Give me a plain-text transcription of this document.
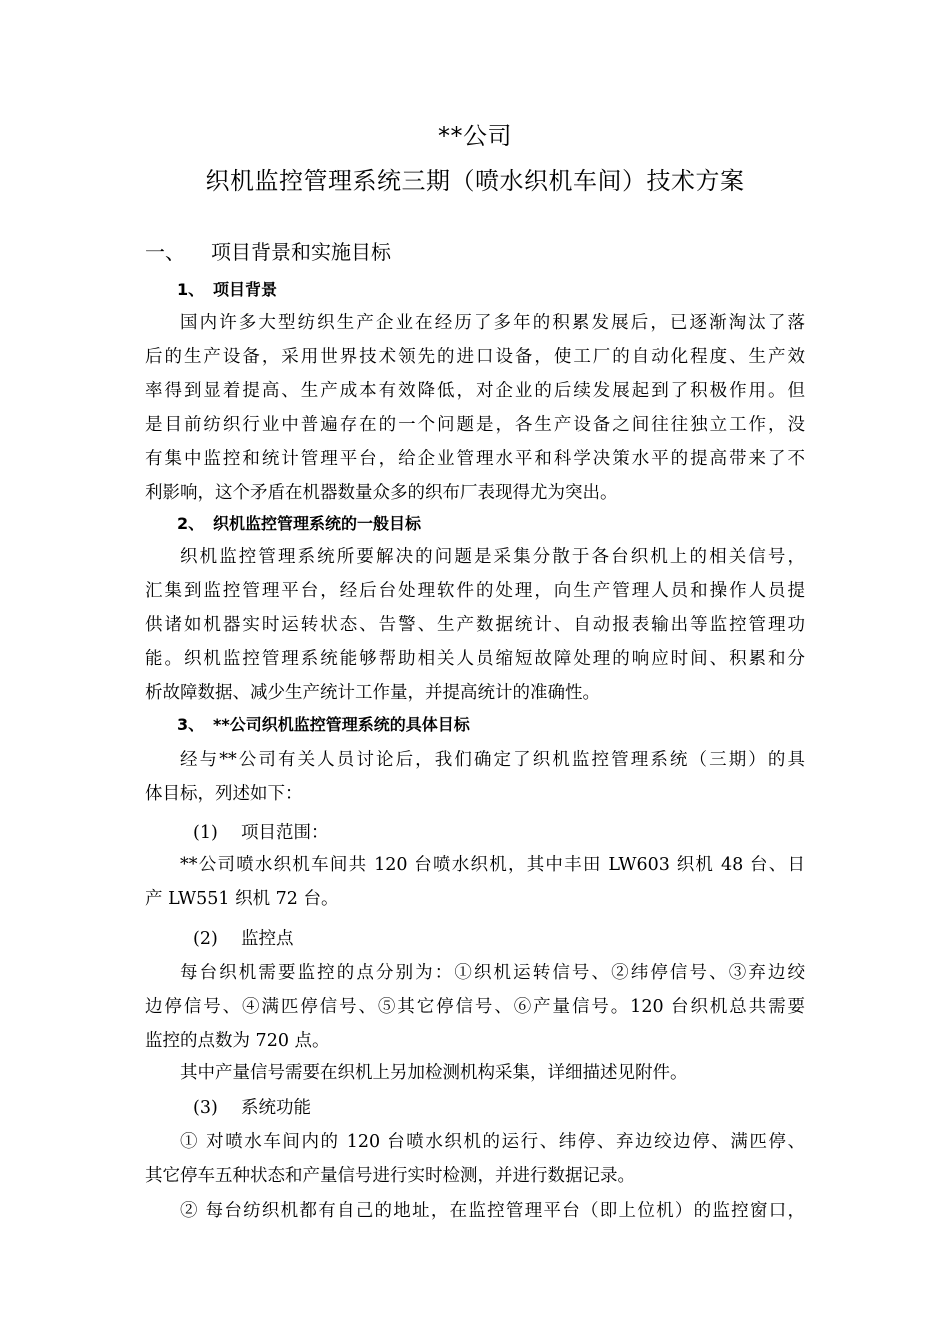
**公司
织机监控管理系统三期（喷水织机车间）技术方案
一、 项目背景和实施目标
1、 项目背景
国内许多大型纺织生产企业在经历了多年的积累发展后，已逐渐淘汰了落
后的生产设备，采用世界技术领先的进口设备，使工厂的自动化程度、生产效
率得到显着提高、生产成本有效降低，对企业的后续发展起到了积极作用。但
是目前纺织行业中普遍存在的一个问题是，各生产设备之间往往独立工作，没
有集中监控和统计管理平台，给企业管理水平和科学决策水平的提高带来了不
利影响，这个矛盾在机器数量众多的织布厂表现得尤为突出。
2、 织机监控管理系统的一般目标
织机监控管理系统所要解决的问题是采集分散于各台织机上的相关信号，
汇集到监控管理平台，经后台处理软件的处理，向生产管理人员和操作人员提
供诸如机器实时运转状态、告警、生产数据统计、自动报表输出等监控管理功
能。织机监控管理系统能够帮助相关人员缩短故障处理的响应时间、积累和分
析故障数据、减少生产统计工作量，并提高统计的准确性。
3、 **公司织机监控管理系统的具体目标
经与**公司有关人员讨论后，我们确定了织机监控管理系统（三期）的具
体目标，列述如下：
(1) 项目范围：
**公司喷水织机车间共 120 台喷水织机，其中丰田 LW603 织机 48 台、日
产 LW551 织机 72 台。
(2) 监控点
每台织机需要监控的点分别为：①织机运转信号、②纬停信号、③弃边绞
边停信号、④满匹停信号、⑤其它停信号、⑥产量信号。120 台织机总共需要
监控的点数为 720 点。
其中产量信号需要在织机上另加检测机构采集，详细描述见附件。
(3) 系统功能
① 对喷水车间内的 120 台喷水织机的运行、纬停、弃边绞边停、满匹停、
其它停车五种状态和产量信号进行实时检测，并进行数据记录。
② 每台纺织机都有自己的地址，在监控管理平台（即上位机）的监控窗口，
